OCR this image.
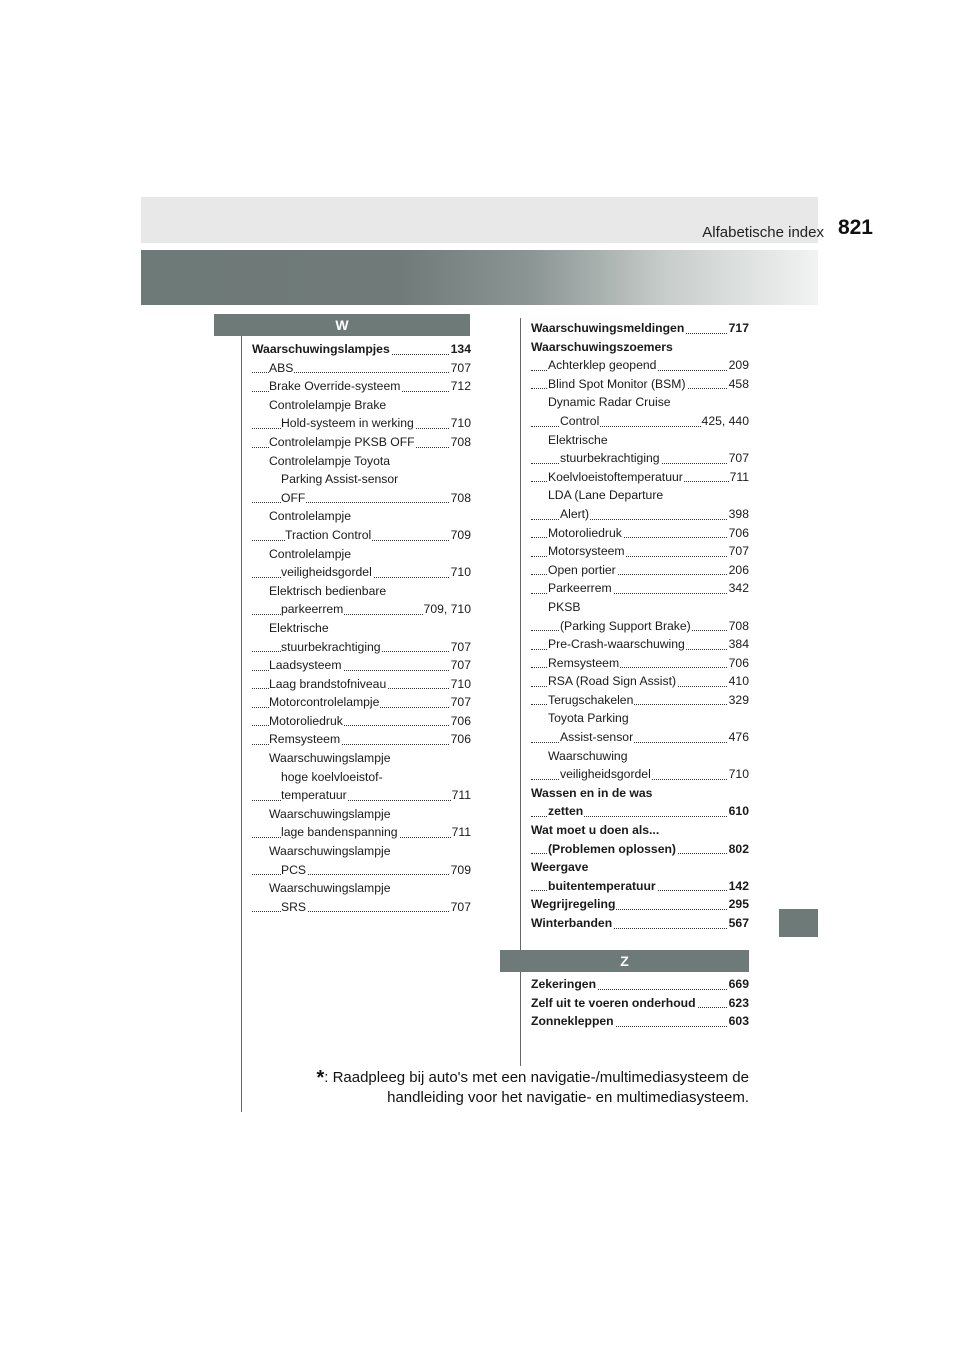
Alfabetische index 821
W
Z
Waarschuwingslampjes	134
ABS	707
Brake Override-systeem	712
Controlelampje Brake
Hold-systeem in werking	710
Controlelampje PKSB OFF	708
Controlelampje Toyota
Parking Assist-sensor
OFF	708
Controlelampje
Traction Control	709
Controlelampje
veiligheidsgordel	710
Elektrisch bedienbare
parkeerrem	709, 710
Elektrische
stuurbekrachtiging	707
Laadsysteem	707
Laag brandstofniveau	710
Motorcontrolelampje	707
Motoroliedruk	706
Remsysteem	706
Waarschuwingslampje
hoge koelvloeistof-
temperatuur	711
Waarschuwingslampje
lage bandenspanning	711
Waarschuwingslampje
PCS	709
Waarschuwingslampje
SRS	707
Waarschuwingsmeldingen	717
Waarschuwingszoemers
Achterklep geopend	209
Blind Spot Monitor (BSM)	458
Dynamic Radar Cruise
Control	425, 440
Elektrische
stuurbekrachtiging	707
Koelvloeistoftemperatuur	711
LDA (Lane Departure
Alert)	398
Motoroliedruk	706
Motorsysteem	707
Open portier	206
Parkeerrem	342
PKSB
(Parking Support Brake)	708
Pre-Crash-waarschuwing	384
Remsysteem	706
RSA (Road Sign Assist)	410
Terugschakelen	329
Toyota Parking
Assist-sensor	476
Waarschuwing
veiligheidsgordel	710
Wassen en in de was
zetten	610
Wat moet u doen als...
(Problemen oplossen)	802
Weergave
buitentemperatuur	142
Wegrijregeling	295
Winterbanden	567
Zekeringen	669
Zelf uit te voeren onderhoud	623
Zonnekleppen	603
*: Raadpleeg bij auto's met een navigatie-/multimediasysteem de
handleiding voor het navigatie- en multimediasysteem.
